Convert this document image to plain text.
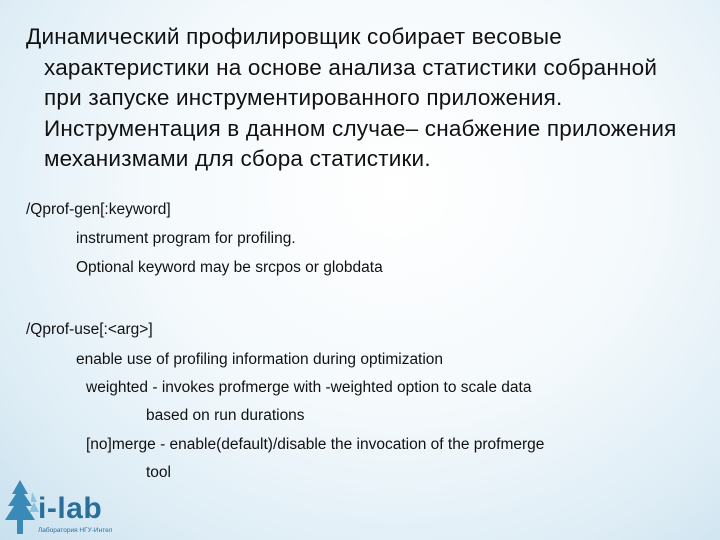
Динамический профилировщик собирает весовые характеристики на основе анализа статистики собранной при запуске инструментированного приложения. Инструментация в данном случае– снабжение приложения механизмами для сбора статистики.

/Qprof-gen[:keyword]
instrument program for profiling.
Optional keyword may be srcpos or globdata
/Qprof-use[:<arg>]
enable use of profiling information during optimization
weighted - invokes profmerge with -weighted option to scale data
based on run durations
[no]merge - enable(default)/disable the invocation of the profmerge
tool
i-lab
Лаборатория НГУ-Интел
